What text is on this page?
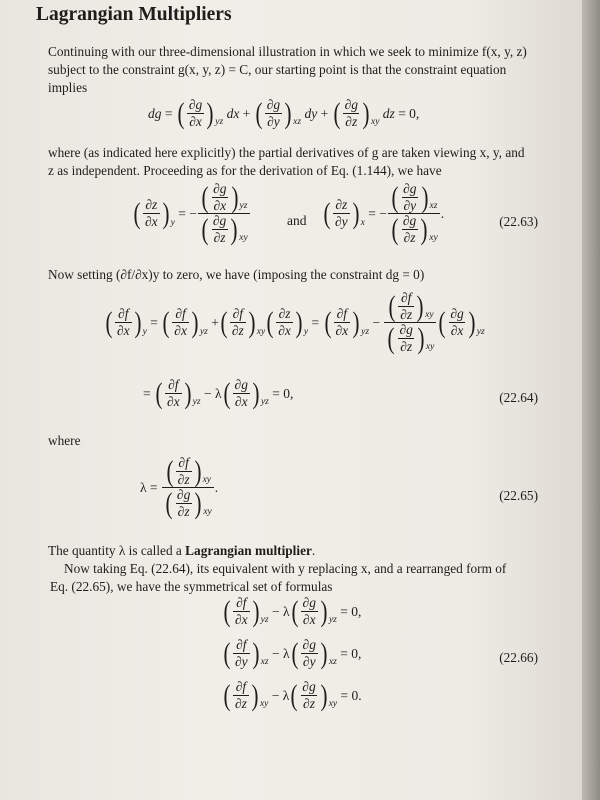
Lagrangian Multipliers
Continuing with our three-dimensional illustration in which we seek to minimize f(x, y, z)
subject to the constraint g(x, y, z) = C, our starting point is that the constraint equation
implies
dg = ( $\frac{\partial g}{\partial x}$ ) yz

dx + ( $\frac{\partial g}{\partial y}$ ) xz

dy + ( $\frac{\partial g}{\partial z}$ ) xy

dz = 0,
where (as indicated here explicitly) the partial derivatives of g are taken viewing x, y, and
z as independent. Proceeding as for the derivation of Eq. (1.144), we have
( $\frac{\partial z}{\partial x}$ ) y
= − $\frac{( \frac{\partial g}{\partial x} ) yz}{( \frac{\partial g}{\partial z} ) xy}$	and ( $\frac{\partial z}{\partial y}$ ) x
= − $\frac{( \frac{\partial g}{\partial y} ) xz}{( \frac{\partial g}{\partial z} ) xy}$ .
(22.63)
Now setting (∂f/∂x)y to zero, we have (imposing the constraint dg = 0)
( $\frac{\partial f}{\partial x}$ ) y
= ( $\frac{\partial f}{\partial x}$ ) yz
+ ( $\frac{\partial f}{\partial z}$ ) xy ( $\frac{\partial z}{\partial x}$ ) y
= ( $\frac{\partial f}{\partial x}$ ) yz
− $\frac{( \frac{\partial f}{\partial z} ) xy}{( \frac{\partial g}{\partial z} ) xy}$ ( $\frac{\partial g}{\partial x}$ ) yz
= ( $\frac{\partial f}{\partial x}$ ) yz
− λ ( $\frac{\partial g}{\partial x}$ ) yz
= 0,	(22.64)
where
$\lambda = \frac{( \frac{\partial f}{\partial z} ) xy}{( \frac{\partial g}{\partial z} ) xy}$ .
(22.65)
The quantity λ is called a Lagrangian multiplier.
Now taking Eq. (22.64), its equivalent with y replacing x, and a rearranged form of
Eq. (22.65), we have the symmetrical set of formulas
( $\frac{\partial f}{\partial x}$ ) yz
− λ ( $\frac{\partial g}{\partial x}$ ) yz
= 0,
( $\frac{\partial f}{\partial y}$ ) xz
− λ ( $\frac{\partial g}{\partial y}$ ) xz
= 0,	(22.66)
( $\frac{\partial f}{\partial z}$ ) xy
− λ ( $\frac{\partial g}{\partial z}$ ) xy
= 0.
